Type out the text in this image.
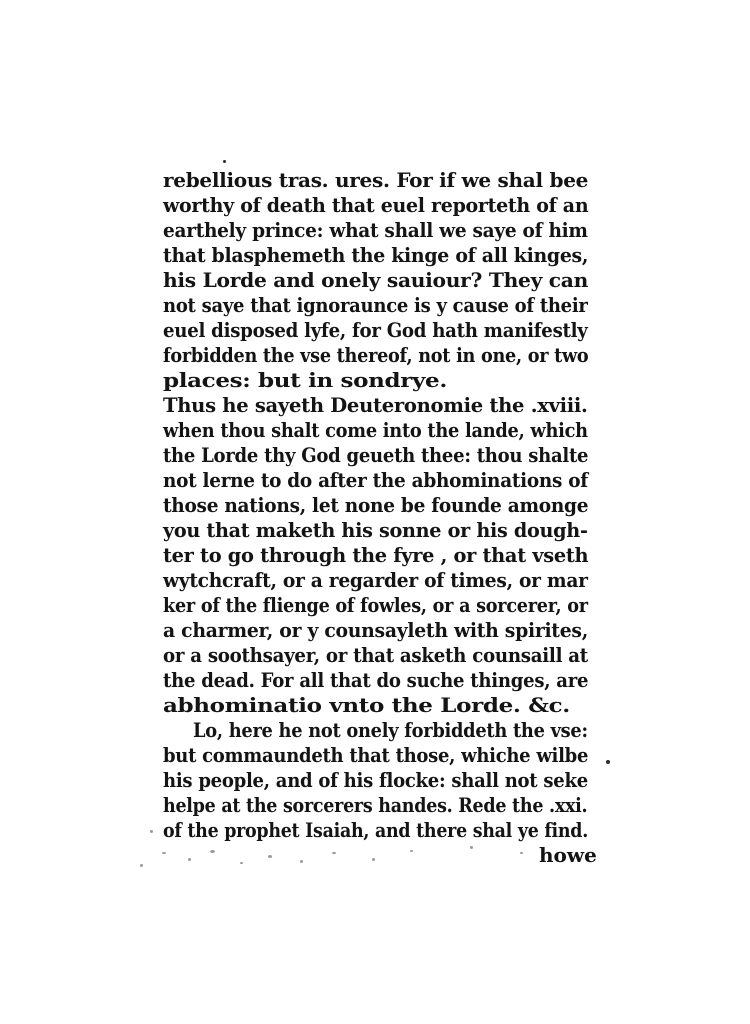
rebellious tras. ures. For if we shal bee
worthy of death that euel reporteth of an
earthely prince: what shall we saye of him
that blasphemeth the kinge of all kinges,
his Lorde and onely sauiour? They can
not saye that ignoraunce is y cause of their
euel disposed lyfe, for God hath manifestly
forbidden the vse thereof, not in one, or two
places: but in sondrye.
Thus he sayeth Deuteronomie the .xviii.
when thou shalt come into the lande, which
the Lorde thy God geueth thee: thou shalte
not lerne to do after the abhominations of
those nations, let none be founde amonge
you that maketh his sonne or his dough-
ter to go through the fyre , or that vseth
wytchcraft, or a regarder of times, or mar
ker of the flienge of fowles, or a sorcerer, or
a charmer, or y counsayleth with spirites,
or a soothsayer, or that asketh counsaill at
the dead. For all that do suche thinges, are
abhominatio vnto the Lorde. &c.
Lo, here he not onely forbiddeth the vse:
but commaundeth that those, whiche wilbe
his people, and of his flocke: shall not seke
helpe at the sorcerers handes. Rede the .xxi.
of the prophet Isaiah, and there shal ye find.
howe
